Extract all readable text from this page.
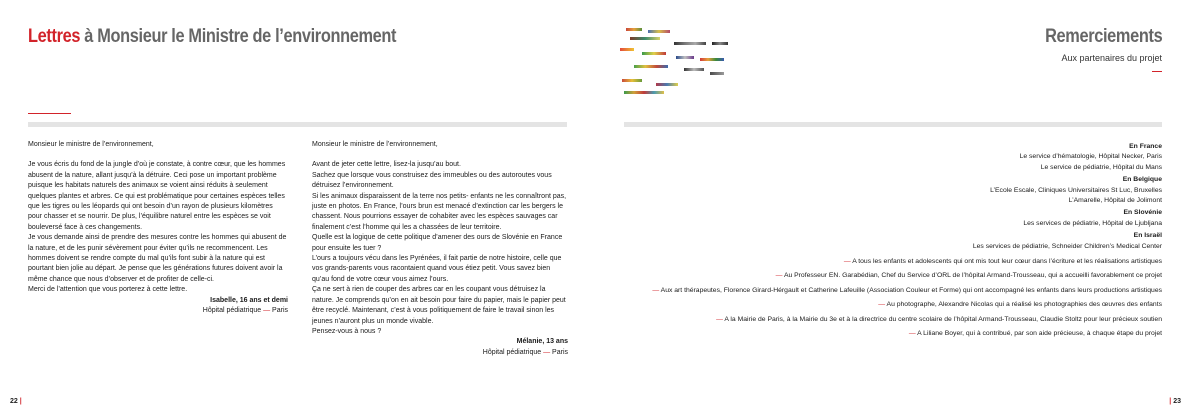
Lettres à Monsieur le Ministre de l’environnement

Monsieur le ministre de l’environnement,

Je vous écris du fond de la jungle d’où je constate, à contre cœur, que les hommes abusent de la nature, allant jusqu’à la détruire. Ceci pose un important problème puisque les habitats naturels des animaux se voient ainsi réduits à seulement quelques plantes et arbres. Ce qui est problématique pour certaines espèces telles que les tigres ou les léopards qui ont besoin d’un rayon de plusieurs kilomètres pour chasser et se nourrir. De plus, l’équilibre naturel entre les espèces se voit bouleversé face à ces changements.

Je vous demande ainsi de prendre des mesures contre les hommes qui abusent de la nature, et de les punir sévèrement pour éviter qu’ils ne recommencent. Les hommes doivent se rendre compte du mal qu’ils font subir à la nature qui est pourtant bien jolie au départ. Je pense que les générations futures doivent avoir la même chance que nous d’observer et de profiter de celle-ci.

Merci de l’attention que vous porterez à cette lettre.

Isabelle, 16 ans et demi
Hôpital pédiatrique — Paris

Monsieur le ministre de l’environnement,

Avant de jeter cette lettre, lisez-la jusqu’au bout.

Sachez que lorsque vous construisez des immeubles ou des autoroutes vous détruisez l’environnement.

Si les animaux disparaissent de la terre nos petits- enfants ne les connaîtront pas, juste en photos. En France, l’ours brun est menacé d’extinction car les bergers le chassent. Nous pourrions essayer de cohabiter avec les espèces sauvages car finalement c’est l’homme qui les a chassées de leur territoire.

Quelle est la logique de cette politique d’amener des ours de Slovénie en France pour ensuite les tuer ?

L’ours a toujours vécu dans les Pyrénées, il fait partie de notre histoire, celle que vos grands-parents vous racontaient quand vous étiez petit. Vous savez bien qu’au fond de votre cœur vous aimez l’ours.

Ça ne sert à rien de couper des arbres car en les coupant vous détruisez la nature. Je comprends qu’on en ait besoin pour faire du papier, mais le papier peut être recyclé. Maintenant, c’est à vous politiquement de faire le travail sinon les jeunes n’auront plus un monde vivable.

Pensez-vous à nous ?

Mélanie, 13 ans
Hôpital pédiatrique — Paris
22 |
Remerciements
Aux partenaires du projet
En France
Le service d’hématologie, Hôpital Necker, Paris
Le service de pédiatrie, Hôpital du Mans
En Belgique
L’Ecole Escale, Cliniques Universitaires St Luc, Bruxelles
L’Amarelle, Hôpital de Jolimont
En Slovénie
Les services de pédiatrie, Hôpital de Ljubljana
En Israël
Les services de pédiatrie, Schneider Children’s Medical Center
— A tous les enfants et adolescents qui ont mis tout leur cœur dans l’écriture et les réalisations artistiques
— Au Professeur EN. Garabédian, Chef du Service d’ORL de l’hôpital Armand-Trousseau, qui a accueilli favorablement ce projet
— Aux art thérapeutes, Florence Girard-Hérgault et Catherine Lafeuille (Association Couleur et Forme) qui ont accompagné les enfants dans leurs productions artistiques
— Au photographe, Alexandre Nicolas qui a réalisé les photographies des œuvres des enfants
— A la Mairie de Paris, à la Mairie du 3e et à la directrice du centre scolaire de l’hôpital Armand-Trousseau, Claudie Stoltz pour leur précieux soutien
— A Liliane Boyer, qui à contribué, par son aide précieuse, à chaque étape du projet
| 23
